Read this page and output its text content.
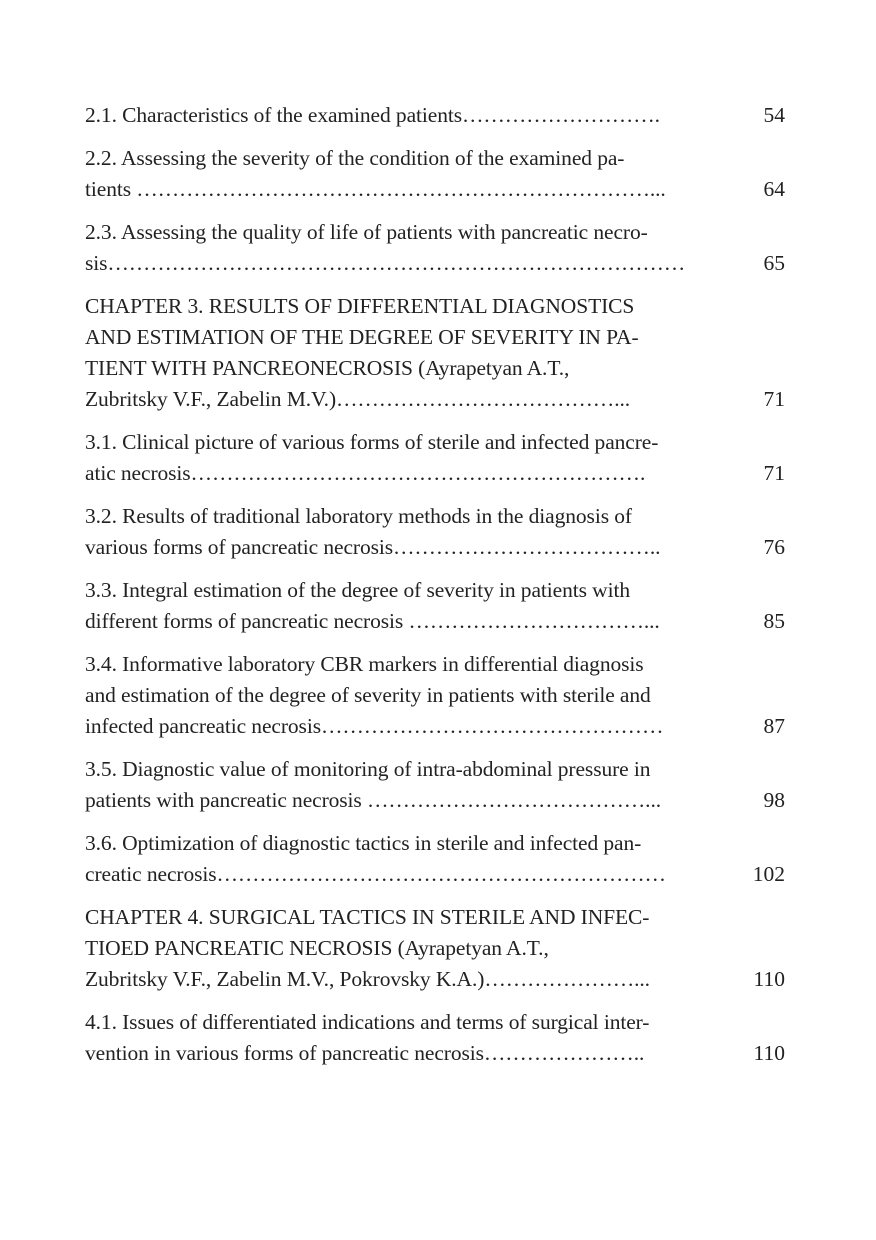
2.1. Characteristics of the examined patients……………………….	54
2.2. Assessing the severity of the condition of the examined pa-
tients ………………………………………………………………...	64
2.3. Assessing the quality of life of patients with pancreatic necro-
sis………………………………………………………………………	65
CHAPTER 3. RESULTS OF DIFFERENTIAL DIAGNOSTICS
AND ESTIMATION OF THE DEGREE OF SEVERITY IN PA-
TIENT WITH PANCREONECROSIS (Ayrapetyan A.T.,
Zubritsky V.F., Zabelin M.V.)…………………………………...	71
3.1. Clinical picture of various forms of sterile and infected pancre-
atic necrosis……………………………………………………….	71
3.2. Results of traditional laboratory methods in the diagnosis of
various forms of pancreatic necrosis………………………………..	76
3.3. Integral estimation of the degree of severity in patients with
different forms of pancreatic necrosis ……………………………...	85
3.4. Informative laboratory CBR markers in differential diagnosis
and estimation of the degree of severity in patients with sterile and
infected pancreatic necrosis…………………………………………	87
3.5. Diagnostic value of monitoring of intra-abdominal pressure in
patients with pancreatic necrosis …………………………………...	98
3.6. Optimization of diagnostic tactics in sterile and infected pan-
creatic necrosis………………………………………………………	102
CHAPTER 4. SURGICAL TACTICS IN STERILE AND INFEC-
TIOED PANCREATIC NECROSIS (Ayrapetyan A.T.,
Zubritsky V.F., Zabelin M.V., Pokrovsky K.A.)…………………...	110
4.1. Issues of differentiated indications and terms of surgical inter-
vention in various forms of pancreatic necrosis…………………..	110
